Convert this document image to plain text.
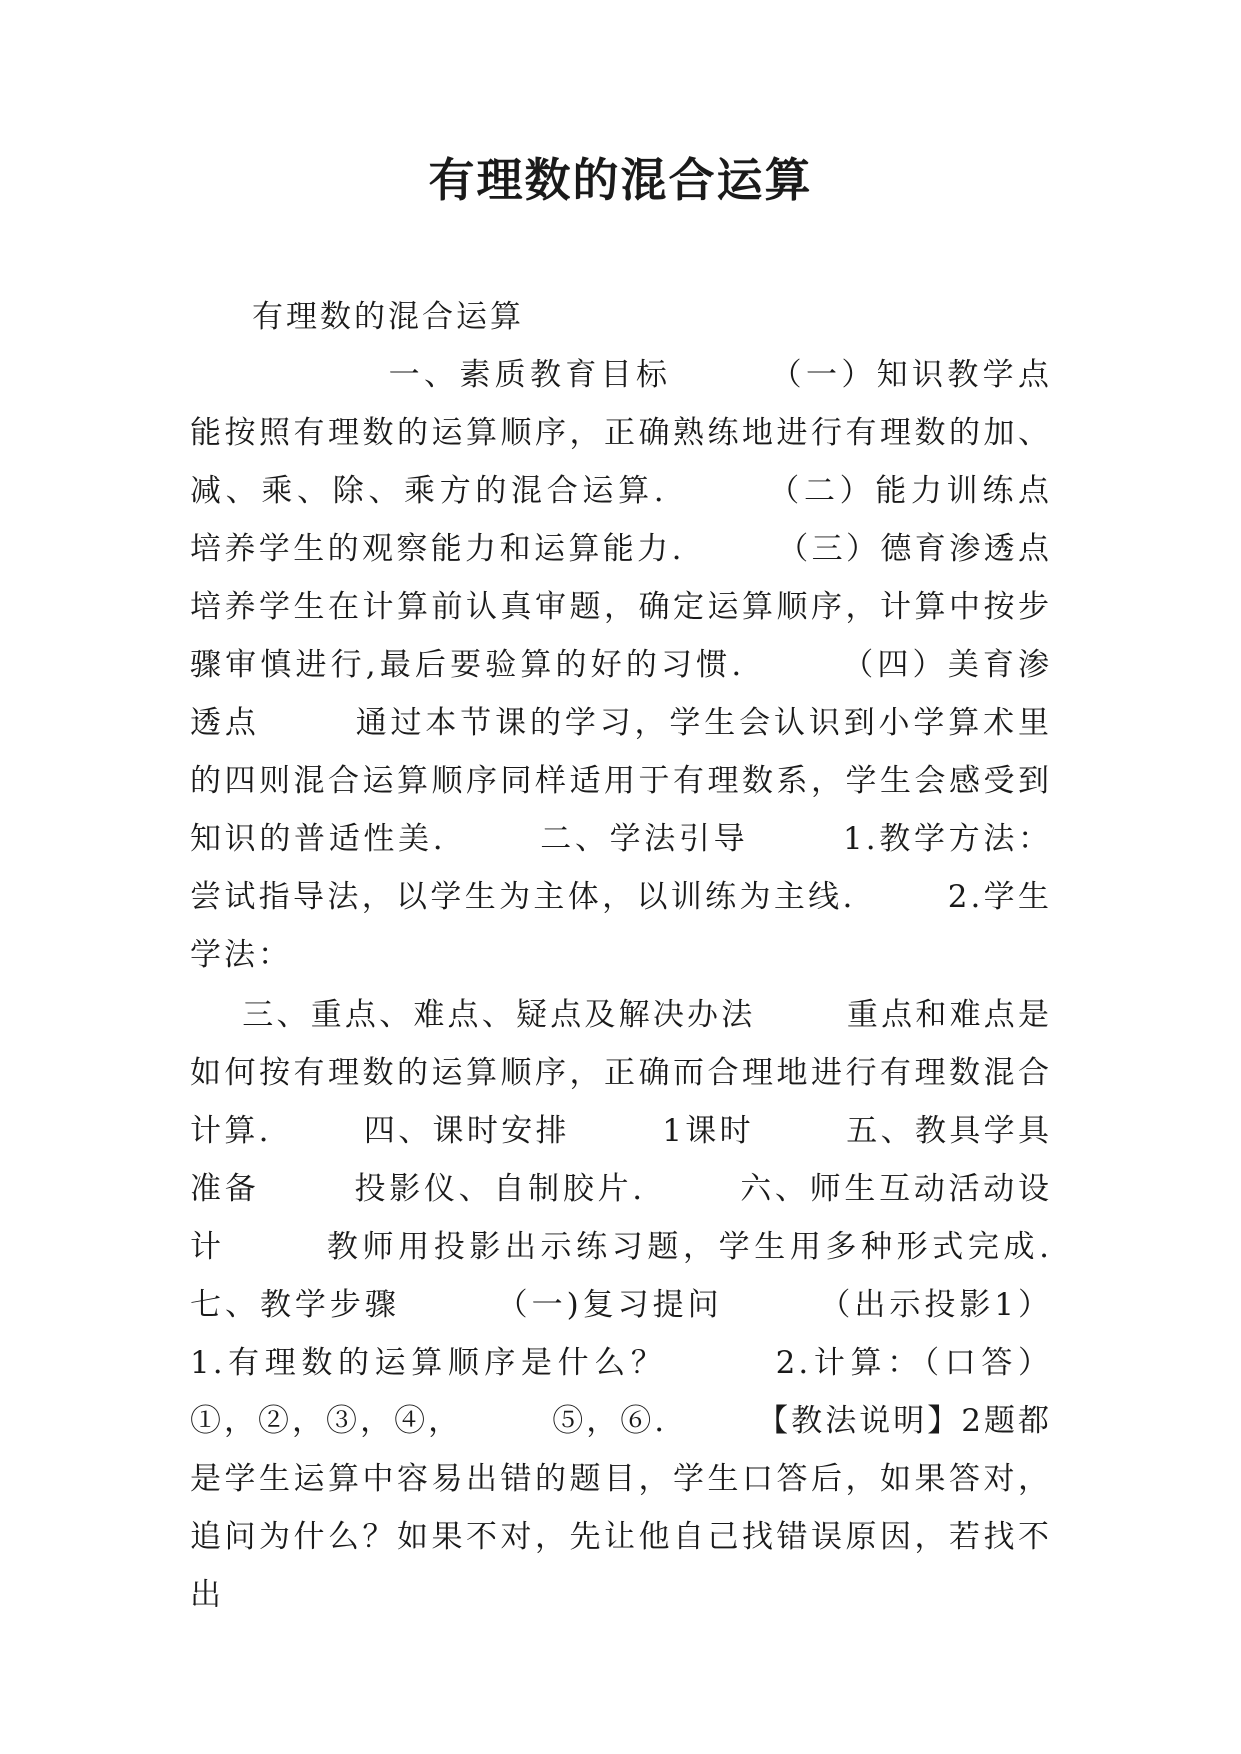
有理数的混合运算

有理数的混合运算

一、素质教育目标       （一）知识教学点       能按照有理数的运算顺序，正确熟练地进行有理数的加、减、乘、除、乘方的混合运算.       （二）能力训练点       培养学生的观察能力和运算能力.       （三）德育渗透点       培养学生在计算前认真审题，确定运算顺序，计算中按步骤审慎进行,最后要验算的好的习惯.       （四）美育渗透点       通过本节课的学习，学生会认识到小学算术里的四则混合运算顺序同样适用于有理数系，学生会感受到知识的普适性美.       二、学法引导       1.教学方法：尝试指导法，以学生为主体，以训练为主线.       2.学生学法：

三、重点、难点、疑点及解决办法       重点和难点是如何按有理数的运算顺序，正确而合理地进行有理数混合计算.       四、课时安排       1课时       五、教具学具准备       投影仪、自制胶片.       六、师生互动活动设计       教师用投影出示练习题，学生用多种形式完成.       七、教学步骤       （一)复习提问       （出示投影1）       1.有理数的运算顺序是什么？       2.计算：（口答）       ①，②，③，④，       ⑤，⑥.       【教法说明】2题都是学生运算中容易出错的题目，学生口答后，如果答对，追问为什么？如果不对，先让他自己找错误原因，若找不出
